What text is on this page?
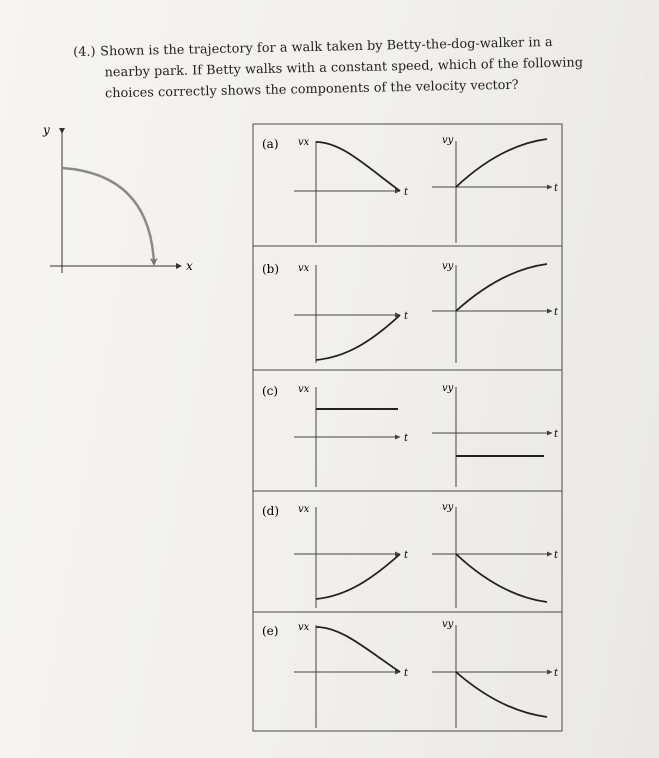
(4.) Shown is the trajectory for a walk taken by Betty-the-dog-walker in a nearby park. If Betty walks with a constant speed, which of the following choices correctly shows the components of the velocity vector?
y
x
(a) vx
t
vy
t
(b) vx
t
vy
t
(c) vx
t
vy
t
(d) vx
t
vy
t
(e) vx
t
vy
t
